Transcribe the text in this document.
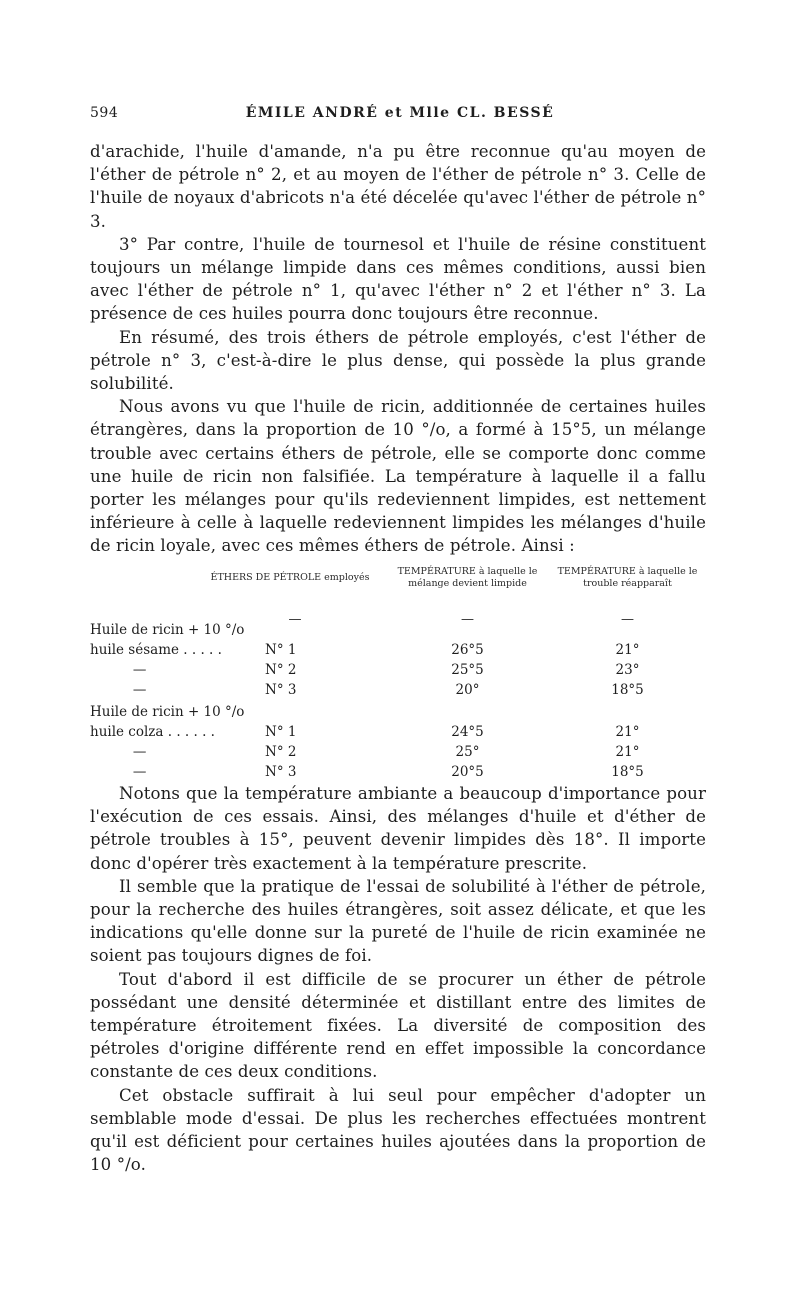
594	ÉMILE ANDRÉ et Mlle CL. BESSÉ

d'arachide, l'huile d'amande, n'a pu être reconnue qu'au moyen de l'éther de pétrole n° 2, et au moyen de l'éther de pétrole n° 3. Celle de l'huile de noyaux d'abricots n'a été décelée qu'avec l'éther de pétrole n° 3.

3° Par contre, l'huile de tournesol et l'huile de résine constituent toujours un mélange limpide dans ces mêmes conditions, aussi bien avec l'éther de pétrole n° 1, qu'avec l'éther n° 2 et l'éther n° 3. La présence de ces huiles pourra donc toujours être reconnue.

En résumé, des trois éthers de pétrole employés, c'est l'éther de pétrole n° 3, c'est-à-dire le plus dense, qui possède la plus grande solubilité.

Nous avons vu que l'huile de ricin, additionnée de certaines huiles étrangères, dans la proportion de 10 °/o, a formé à 15°5, un mélange trouble avec certains éthers de pétrole, elle se comporte donc comme une huile de ricin non falsifiée. La température à laquelle il a fallu porter les mélanges pour qu'ils redeviennent limpides, est nettement inférieure à celle à laquelle redeviennent limpides les mélanges d'huile de ricin loyale, avec ces mêmes éthers de pétrole. Ainsi :

ÉTHERS DE PÉTROLE employés
TEMPÉRATURE à laquelle le mélange devient limpide
TEMPÉRATURE à laquelle le trouble réapparaît
—	—	—
Huile de ricin + 10 °/o
huile sésame . . . . .	N° 1	26°5	21°
—	N° 2	25°5	23°
—	N° 3	20°	18°5
Huile de ricin + 10 °/o
huile colza . . . . . .	N° 1	24°5	21°
—	N° 2	25°	21°
—	N° 3	20°5	18°5

Notons que la température ambiante a beaucoup d'importance pour l'exécution de ces essais. Ainsi, des mélanges d'huile et d'éther de pétrole troubles à 15°, peuvent devenir limpides dès 18°. Il importe donc d'opérer très exactement à la température prescrite.

Il semble que la pratique de l'essai de solubilité à l'éther de pétrole, pour la recherche des huiles étrangères, soit assez délicate, et que les indications qu'elle donne sur la pureté de l'huile de ricin examinée ne soient pas toujours dignes de foi.

Tout d'abord il est difficile de se procurer un éther de pétrole possédant une densité déterminée et distillant entre des limites de température étroitement fixées. La diversité de composition des pétroles d'origine différente rend en effet impossible la concordance constante de ces deux conditions.

Cet obstacle suffirait à lui seul pour empêcher d'adopter un semblable mode d'essai. De plus les recherches effectuées montrent qu'il est déficient pour certaines huiles ajoutées dans la proportion de 10 °/o.
